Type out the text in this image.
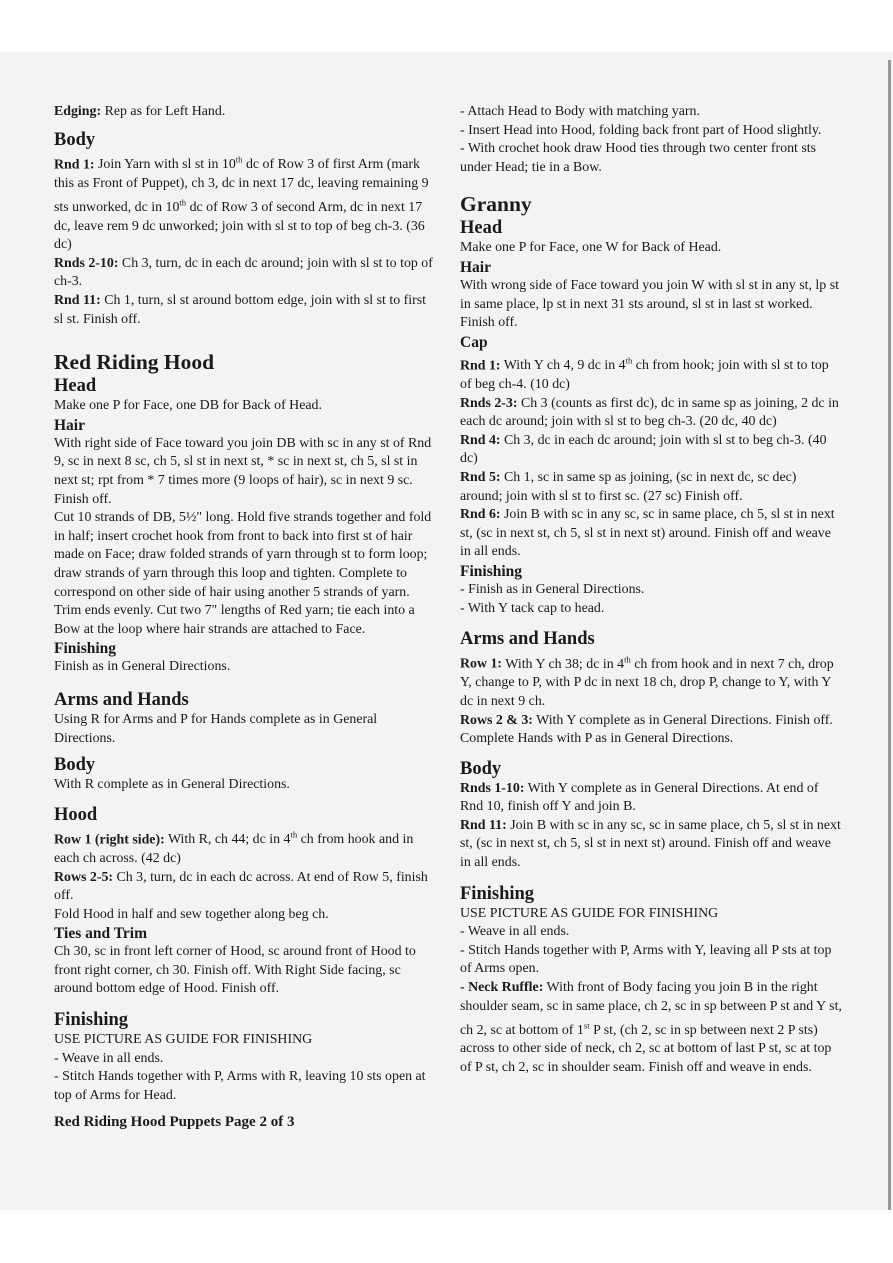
Edging: Rep as for Left Hand.

Body

Rnd 1: Join Yarn with sl st in 10th dc of Row 3 of first Arm (mark this as Front of Puppet), ch 3, dc in next 17 dc, leaving remaining 9 sts unworked, dc in 10th dc of Row 3 of second Arm, dc in next 17 dc, leave rem 9 dc unworked; join with sl st to top of beg ch-3. (36 dc)

Rnds 2-10: Ch 3, turn, dc in each dc around; join with sl st to top of ch-3.

Rnd 11: Ch 1, turn, sl st around bottom edge, join with sl st to first sl st. Finish off.

Red Riding Hood

Head

Make one P for Face, one DB for Back of Head.

Hair

With right side of Face toward you join DB with sc in any st of Rnd 9, sc in next 8 sc, ch 5, sl st in next st, * sc in next st, ch 5, sl st in next st; rpt from * 7 times more (9 loops of hair), sc in next 9 sc. Finish off.

Cut 10 strands of DB, 5½" long. Hold five strands together and fold in half; insert crochet hook from front to back into first st of hair made on Face; draw folded strands of yarn through st to form loop; draw strands of yarn through this loop and tighten. Complete to correspond on other side of hair using another 5 strands of yarn. Trim ends evenly. Cut two 7" lengths of Red yarn; tie each into a Bow at the loop where hair strands are attached to Face.

Finishing

Finish as in General Directions.

Arms and Hands

Using R for Arms and P for Hands complete as in General Directions.

Body

With R complete as in General Directions.

Hood

Row 1 (right side): With R, ch 44; dc in 4th ch from hook and in each ch across. (42 dc)

Rows 2-5: Ch 3, turn, dc in each dc across. At end of Row 5, finish off.

Fold Hood in half and sew together along beg ch.

Ties and Trim

Ch 30, sc in front left corner of Hood, sc around front of Hood to front right corner, ch 30. Finish off. With Right Side facing, sc around bottom edge of Hood. Finish off.

Finishing

USE PICTURE AS GUIDE FOR FINISHING

- Weave in all ends.

- Stitch Hands together with P, Arms with R, leaving 10 sts open at top of Arms for Head.

Red Riding Hood Puppets Page 2 of 3

- Attach Head to Body with matching yarn.

- Insert Head into Hood, folding back front part of Hood slightly.

- With crochet hook draw Hood ties through two center front sts under Head; tie in a Bow.

Granny

Head

Make one P for Face, one W for Back of Head.

Hair

With wrong side of Face toward you join W with sl st in any st, lp st in same place, lp st in next 31 sts around, sl st in last st worked. Finish off.

Cap

Rnd 1: With Y ch 4, 9 dc in 4th ch from hook; join with sl st to top of beg ch-4. (10 dc)

Rnds 2-3: Ch 3 (counts as first dc), dc in same sp as joining, 2 dc in each dc around; join with sl st to beg ch-3. (20 dc, 40 dc)

Rnd 4: Ch 3, dc in each dc around; join with sl st to beg ch-3. (40 dc)

Rnd 5: Ch 1, sc in same sp as joining, (sc in next dc, sc dec) around; join with sl st to first sc. (27 sc) Finish off.

Rnd 6: Join B with sc in any sc, sc in same place, ch 5, sl st in next st, (sc in next st, ch 5, sl st in next st) around. Finish off and weave in all ends.

Finishing

- Finish as in General Directions.

- With Y tack cap to head.

Arms and Hands

Row 1: With Y ch 38; dc in 4th ch from hook and in next 7 ch, drop Y, change to P, with P dc in next 18 ch, drop P, change to Y, with Y dc in next 9 ch.

Rows 2 & 3: With Y complete as in General Directions. Finish off.

Complete Hands with P as in General Directions.

Body

Rnds 1-10: With Y complete as in General Directions. At end of Rnd 10, finish off Y and join B.

Rnd 11: Join B with sc in any sc, sc in same place, ch 5, sl st in next st, (sc in next st, ch 5, sl st in next st) around. Finish off and weave in all ends.

Finishing

USE PICTURE AS GUIDE FOR FINISHING

- Weave in all ends.

- Stitch Hands together with P, Arms with Y, leaving all P sts at top of Arms open.

- Neck Ruffle: With front of Body facing you join B in the right shoulder seam, sc in same place, ch 2, sc in sp between P st and Y st, ch 2, sc at bottom of 1st P st, (ch 2, sc in sp between next 2 P sts) across to other side of neck, ch 2, sc at bottom of last P st, sc at top of P st, ch 2, sc in shoulder seam. Finish off and weave in ends.
